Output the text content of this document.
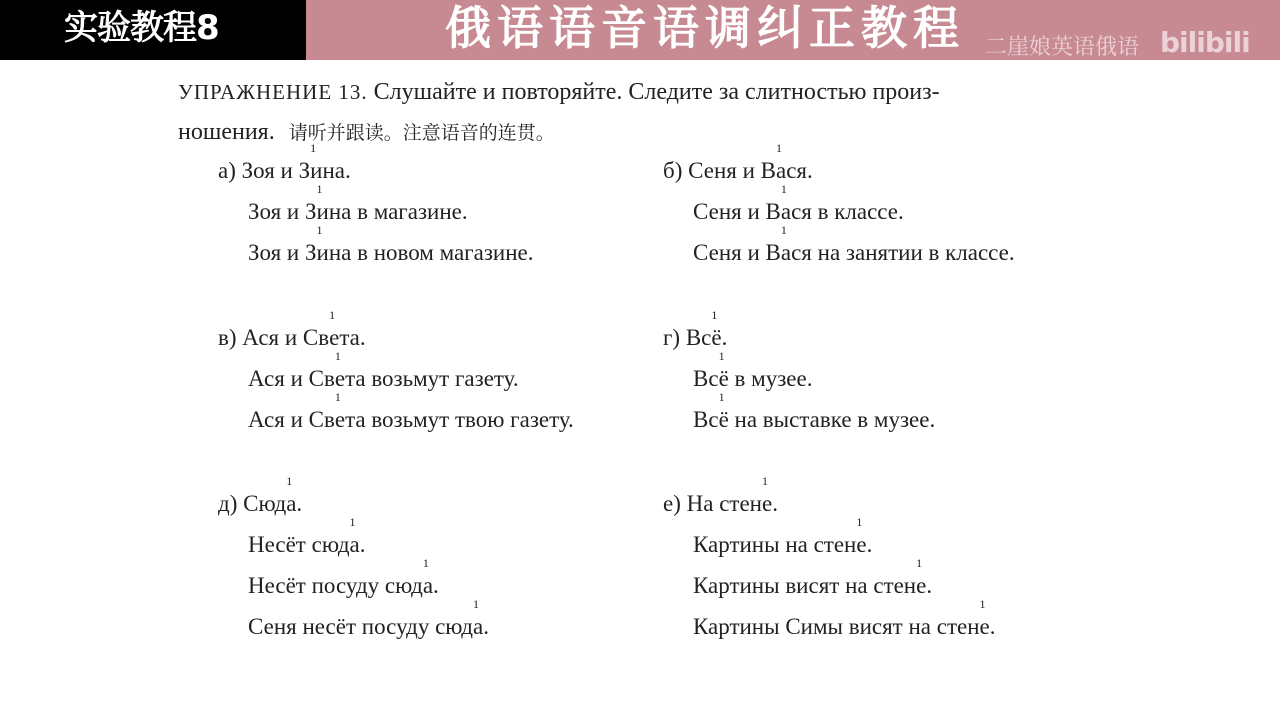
实验教程8	俄语语音语调纠正教程 二崖娘英语俄语 bilibili
УПРАЖНЕНИЕ 13. Слушайте и повторяйте. Следите за слитностью произ-
ношения. 请听并跟读。注意语音的连贯。
а) Зоя и З1 ина.
Зоя и З1 ина в магазине.
Зоя и З1 ина в новом магазине.
б) Сеня и В1 ася.
Сеня и В1 ася в классе.
Сеня и В1 ася на занятии в классе.
в) Ася и Св1 ета.
Ася и Св1 ета возьмут газету.
Ася и Св1 ета возьмут твою газету.
г) Вс1 ё.
Вс1 ё в музее.
Вс1 ё на выставке в музее.
д) Сюд1 а.
Несёт сюд1 а.
Несёт посуду сюд1 а.
Сеня несёт посуду сюд1 а.
е) На стен1 е.
Картины на стен1 е.
Картины висят на стен1 е.
Картины Симы висят на стен1 е.
